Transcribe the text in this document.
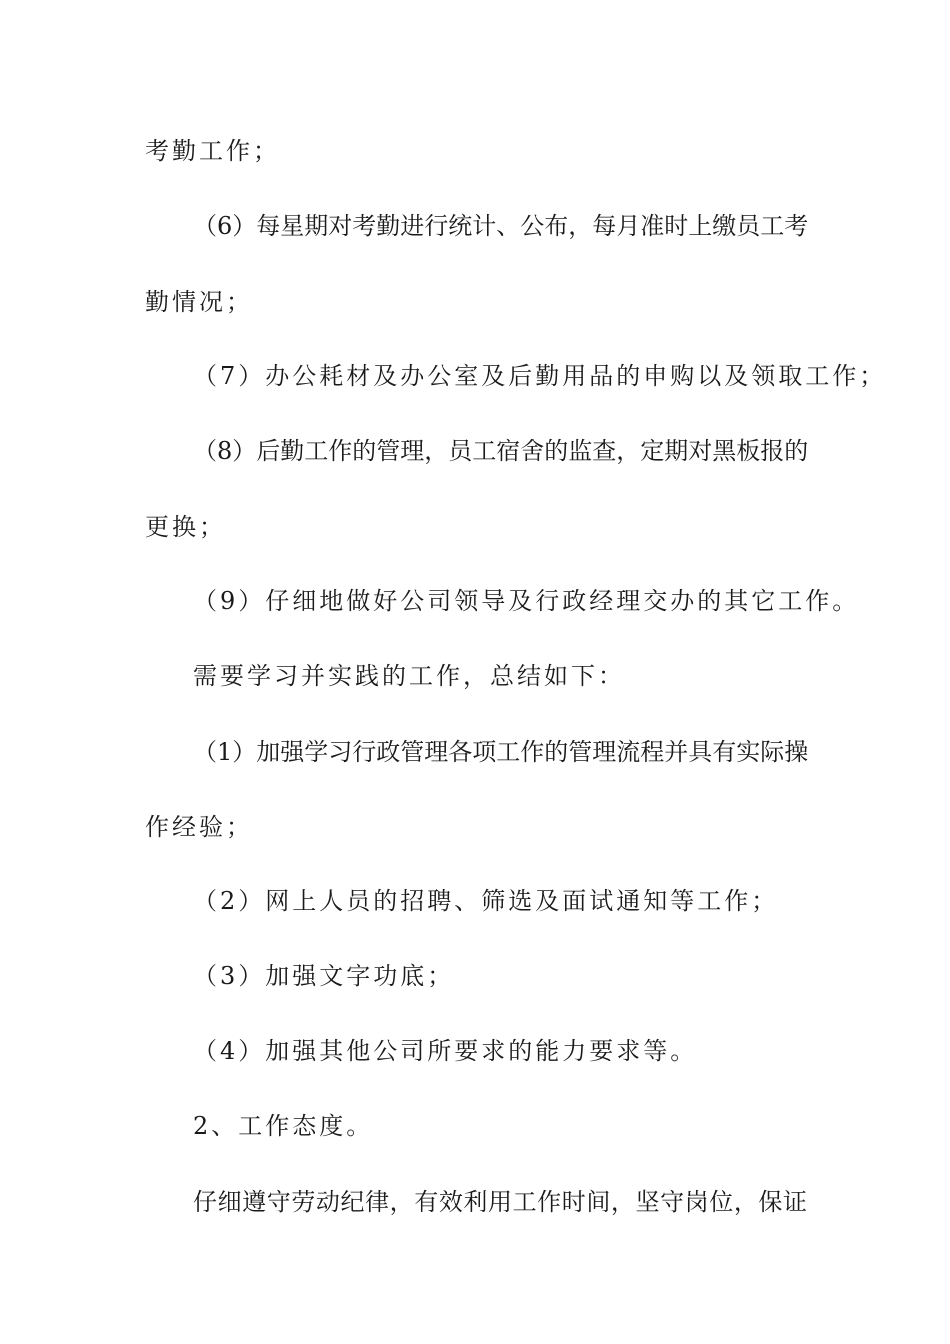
考勤工作；
（6）每星期对考勤进行统计、公布，每月准时上缴员工考
勤情况；
（7）办公耗材及办公室及后勤用品的申购以及领取工作；
（8）后勤工作的管理，员工宿舍的监查，定期对黑板报的
更换；
（9）仔细地做好公司领导及行政经理交办的其它工作。
需要学习并实践的工作，总结如下：
（1）加强学习行政管理各项工作的管理流程并具有实际操
作经验；
（2）网上人员的招聘、筛选及面试通知等工作；
（3）加强文字功底；
（4）加强其他公司所要求的能力要求等。
2、工作态度。
仔细遵守劳动纪律，有效利用工作时间，坚守岗位，保证
